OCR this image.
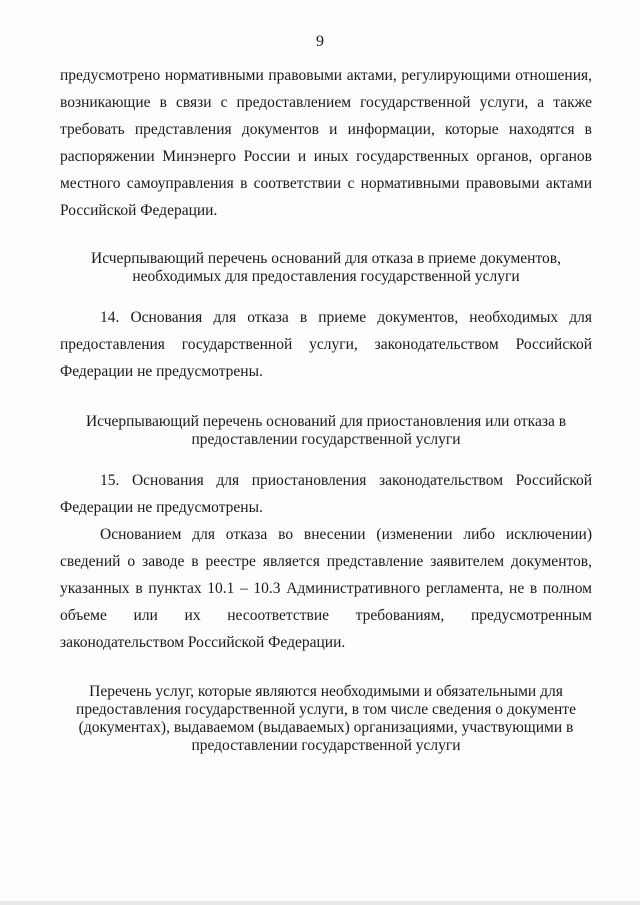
9

предусмотрено нормативными правовыми актами, регулирующими отношения, возникающие в связи с предоставлением государственной услуги, а также требовать представления документов и информации, которые находятся в распоряжении Минэнерго России и иных государственных органов, органов местного самоуправления в соответствии с нормативными правовыми актами Российской Федерации.

Исчерпывающий перечень оснований для отказа в приеме документов,
необходимых для предоставления государственной услуги

14. Основания для отказа в приеме документов, необходимых для предоставления государственной услуги, законодательством Российской Федерации не предусмотрены.

Исчерпывающий перечень оснований для приостановления или отказа в
предоставлении государственной услуги

15. Основания для приостановления законодательством Российской Федерации не предусмотрены.

Основанием для отказа во внесении (изменении либо исключении) сведений о заводе в реестре является представление заявителем документов, указанных в пунктах 10.1 – 10.3 Административного регламента, не в полном объеме или их несоответствие требованиям, предусмотренным законодательством Российской Федерации.

Перечень услуг, которые являются необходимыми и обязательными для
предоставления государственной услуги, в том числе сведения о документе
(документах), выдаваемом (выдаваемых) организациями, участвующими в
предоставлении государственной услуги
